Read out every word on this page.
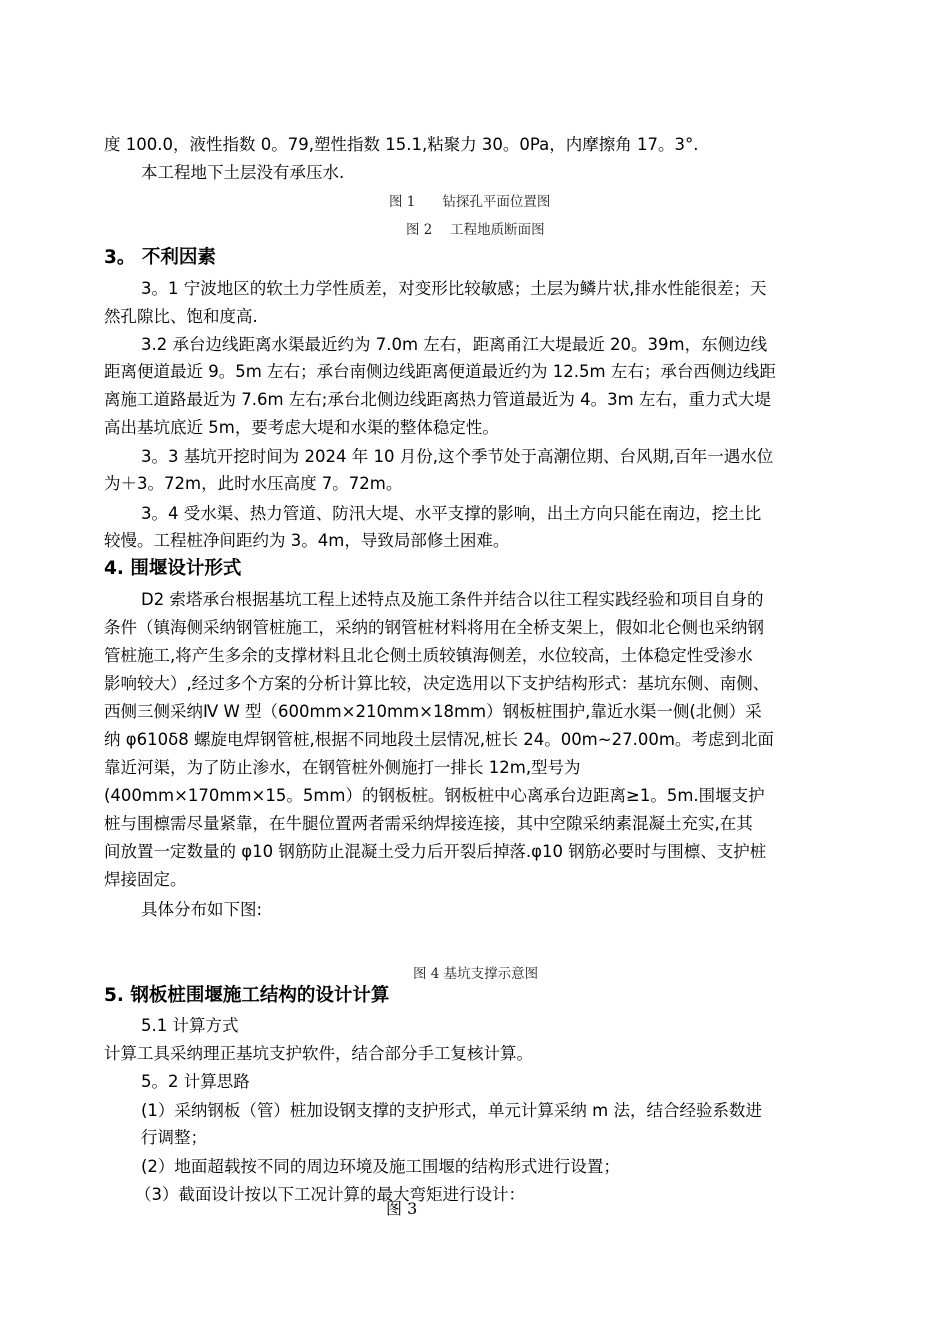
度 100.0，液性指数 0。79,塑性指数 15.1,粘聚力 30。0Pa，内摩擦角 17。3°.
本工程地下土层没有承压水.
图 1　　钻探孔平面位置图
图 2　 工程地质断面图
3。 不利因素
3。1 宁波地区的软土力学性质差，对变形比较敏感；土层为鳞片状,排水性能很差；天
然孔隙比、饱和度高.
3.2 承台边线距离水渠最近约为 7.0m 左右，距离甬江大堤最近 20。39m，东侧边线
距离便道最近 9。5m 左右；承台南侧边线距离便道最近约为 12.5m 左右；承台西侧边线距
离施工道路最近为 7.6m 左右;承台北侧边线距离热力管道最近为 4。3m 左右，重力式大堤
高出基坑底近 5m，要考虑大堤和水渠的整体稳定性。
3。3 基坑开挖时间为 2024 年 10 月份,这个季节处于高潮位期、台风期,百年一遇水位
为＋3。72m，此时水压高度 7。72m。
3。4 受水渠、热力管道、防汛大堤、水平支撑的影响，出土方向只能在南边，挖土比
较慢。工程桩净间距约为 3。4m，导致局部修土困难。
4. 围堰设计形式
D2 索塔承台根据基坑工程上述特点及施工条件并结合以往工程实践经验和项目自身的
条件（镇海侧采纳钢管桩施工，采纳的钢管桩材料将用在全桥支架上，假如北仑侧也采纳钢
管桩施工,将产生多余的支撑材料且北仑侧土质较镇海侧差，水位较高，土体稳定性受渗水
影响较大）,经过多个方案的分析计算比较，决定选用以下支护结构形式：基坑东侧、南侧、
西侧三侧采纳Ⅳ W 型（600mm×210mm×18mm）钢板桩围护,靠近水渠一侧(北侧）采
纳 φ610δ8 螺旋电焊钢管桩,根据不同地段土层情况,桩长 24。00m~27.00m。考虑到北面
靠近河渠，为了防止渗水，在钢管桩外侧施打一排长 12m,型号为
(400mm×170mm×15。5mm）的钢板桩。钢板桩中心离承台边距离≥1。5m.围堰支护
桩与围檩需尽量紧靠，在牛腿位置两者需采纳焊接连接，其中空隙采纳素混凝土充实,在其
间放置一定数量的 φ10 钢筋防止混凝土受力后开裂后掉落.φ10 钢筋必要时与围檩、支护桩
焊接固定。
具体分布如下图:
图 4 基坑支撑示意图
5. 钢板桩围堰施工结构的设计计算
5.1 计算方式
计算工具采纳理正基坑支护软件，结合部分手工复核计算。
5。2 计算思路
(1）采纳钢板（管）桩加设钢支撑的支护形式，单元计算采纳 m 法，结合经验系数进
行调整；
(2）地面超载按不同的周边环境及施工围堰的结构形式进行设置；
（3）截面设计按以下工况计算的最大弯矩进行设计：
图 3
